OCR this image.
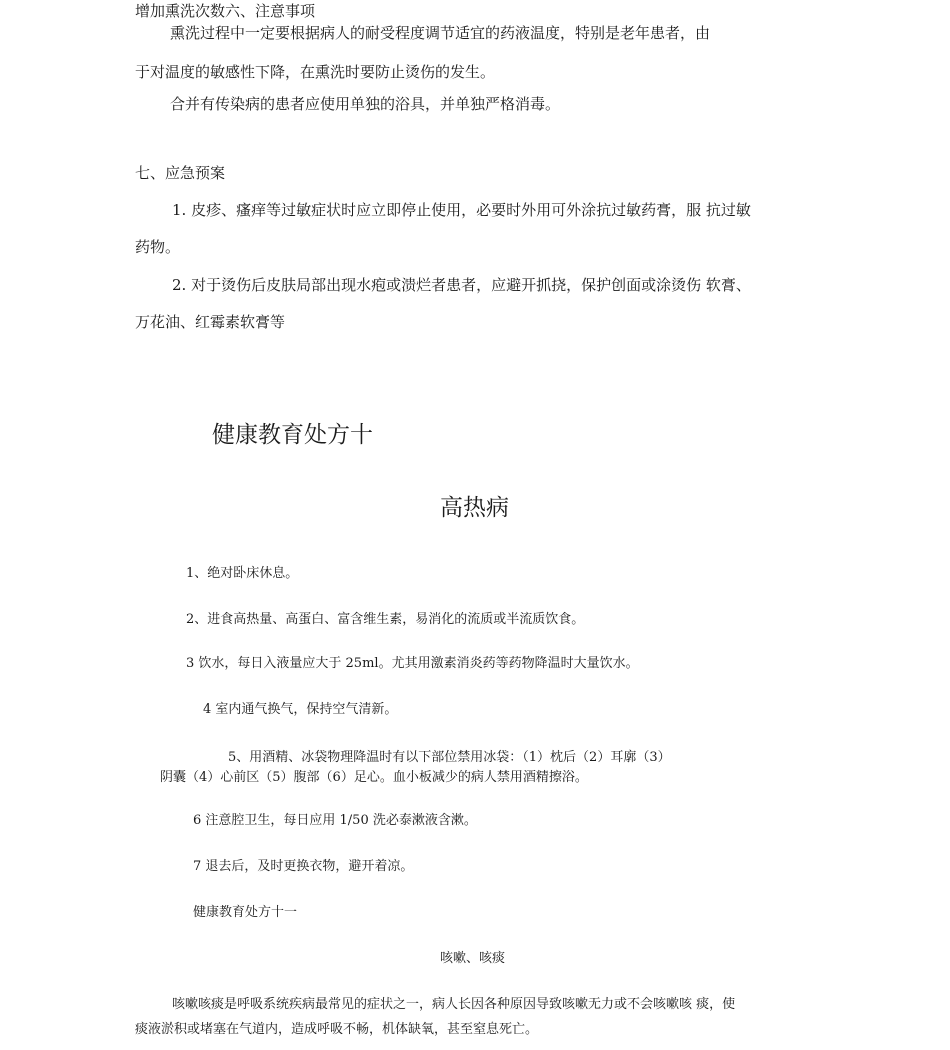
增加熏洗次数六、注意事项

熏洗过程中一定要根据病人的耐受程度调节适宜的药液温度，特别是老年患者，由

于对温度的敏感性下降，在熏洗时要防止烫伤的发生。

合并有传染病的患者应使用单独的浴具，并单独严格消毒。

七、应急预案

1. 皮疹、瘙痒等过敏症状时应立即停止使用，必要时外用可外涂抗过敏药膏，服 抗过敏

药物。

2. 对于烫伤后皮肤局部出现水疱或溃烂者患者，应避开抓挠，保护创面或涂烫伤 软膏、

万花油、红霉素软膏等

健康教育处方十

高热病

1、绝对卧床休息。

2、进食高热量、高蛋白、富含维生素，易消化的流质或半流质饮食。

3 饮水，每日入液量应大于 25ml。尤其用激素消炎药等药物降温时大量饮水。

4 室内通气换气，保持空气清新。

5、用酒精、冰袋物理降温时有以下部位禁用冰袋：（1）枕后（2）耳廓（3）

阴囊（4）心前区（5）腹部（6）足心。血小板减少的病人禁用酒精擦浴。

6 注意腔卫生，每日应用 1/50 洗必泰漱液含漱。

7 退去后，及时更换衣物，避开着凉。

健康教育处方十一

咳嗽、咳痰

咳嗽咳痰是呼吸系统疾病最常见的症状之一，病人长因各种原因导致咳嗽无力或不会咳嗽咳 痰，使

痰液淤积或堵塞在气道内，造成呼吸不畅，机体缺氧，甚至窒息死亡。
